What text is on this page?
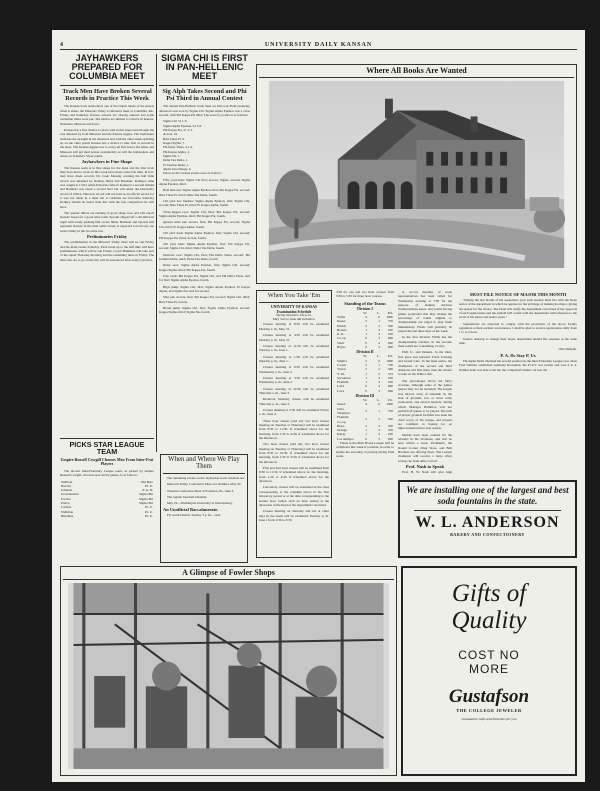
4	UNIVERSITY DAILY KANSAN
JAYHAWKERS PREPARED FOR COLUMBIA MEET
Track Men Have Broken Several Records in Practice This Week

The Kansas track team enters one of the largest meets of the season when it enters the Missouri Valley Conference meet at Columbia, Mo. Friday and Saturday. Kansas schools are already entered and some creditable times were put. The entries are limited to schools in Kansas, Nebraska, Missouri and Iowa.

Kansas has a fine chance to place well in this meet even though she was defeated by both Missouri and the Kansas Aggies. The Jayhawker team has the strength in the distances and with the other teams splitting up on the other points Kansas has a chance to take first or second in the meet. The Kansas Aggies lost to every all first honor but Ames and Missouri will get their points considerably as will the Jayhawkers and Ames on Schaller's Viper points.

Jayhawkers in Fine Shape

The Kansas team is in fine shape for the meet and the first track they have had to work on this week have made some fast time. In fact, they have made records. Dr. Cade Monday evening the half mile record was smashed by Rodkey, Riley and Barnhart. Rodkey's time was caught at 1:59.2 while Edwards came in Rodkey's a second behind and Barnhart was about a second later but will under the University record of 2:00.2. This new record will not hold as an official record for it was not made in a meet but it confirms are favorable Saturday Rodkey should do better than this with the fast competitors he will have.

The quarter milers are running in good shape now and will enroll Kansas' hopes for a good relay team. Sproull clipped off a :49 mile last night with Grady pushing him on the finish. Barnhart and Sproull will represent Kansas in the mile while Grady is expected to hold any one in the Valley in the two mile run.

Preliminaries Friday

The preliminaries in the Missouri Valley meet will be run Friday and the main events Saturday. Each event up to the half mile will have preliminaries which will be run Friday. Coach Hamilton will take part of his squad Thursday morning and the remaining men on Friday. The men who are to go on the trip will be announced after today's practice.

PICKS STAR LEAGUE TEAM
Umpire Russell Cowgill Chooses Men From Inter-Frat Players

The all-star Inter-Fraternity League team, as picked by umpire Russell Cowgill, who has seen all the games, is as follows:

Sullivan	Phi Beta
Harold	Pi. U.
Johnson	P. A. D.
Grotzmacher	Sigma Phi
Forcier	Sigma Phi
Pierce	Sigma Phi
Carlton	Pi. U.
Wellman	Pi. U.
Hutchins	Pi. U.
SIGMA CHI IS FIRST IN PAN-HELLENIC MEET
Sig Alph Takes Second and Phi Psi Third in Annual Contest

The annual Pan-Hellenic track meet on McCook Field yesterday afternoon was won by Sigma Chi. Sigma Alpha Epsilon was a close second, with Phi Kappa Psi third. The score by points is as follows:

Sigma Chi 31 1-3.
Sigma Alpha Epsilon, 24 5-6.
Phi Kappa Psi, 21 2-3.
Acacia, 10.
Beta Theta Pi, 9.
Kappa Sigma, 7.
Phi Delta Theta, 4 1-3.
Phi Kappa Alpha, 4.
Sigma Nu, 1.
Delta Tau Delta, 1.
Pi Upsilon Delta, 1.
Alpha Tau Omega, 0.

Places in the various events were as follows:

Fifty yard dash: Sigma Chi first; Acacia, Sigma, second; Sigma Alpha Epsilon, third.

Half mile run: Sigma Alpha Epsilon, first; Phi Kappa Psi, second; Beta Theta Pi, third; Delta Tau Delta, fourth.

120 yard low hurdles: Sigma Alpha Epsilon, first; Sigma Chi, second; Beta Theta Pi, third; Pi Kappa Alpha, fourth.

Three-legged race: Sigma Chi, first; Phi Kappa Psi, second; Sigma Alpha Epsilon, third; Phi Kappa Psi, fourth.

Quarter mile run: Acacia, first; Phi Kappa Psi, second; Sigma Chi, third; Pi Kappa Alpha, fourth.

100 yard dash: Sigma Alpha Epsilon, first; Sigma Chi, second; Phi Kappa Psi, third; Acacia, fourth.

220 yard dash: Sigma Alpha Epsilon, first; Phi Kappa Psi, second; Sigma Chi, third; Delta Tau Delta, fourth.

Obstacle race: Sigma Chi, first; Phi Delta Theta, second; Phi Gamma Delta, third; Delta Tau Delta, fourth.

Relay race: Sigma Alpha Epsilon, first; Sigma Chi, second; Kappa Sigma, third; Phi Kappa Psi, fourth.

Pole vault: Phi Kappa Psi, Sigma Chi, and Phi Delta Theta, tied for first; Sigma Alpha Epsilon, fourth.

High jump: Sigma Chi, first; Sigma Alpha Epsilon, Pi Kappa Alpha, and Sigma Nu, tied for second.

Shot put: Acacia, first; Phi Kappa Psi, second; Sigma Chi, third; Beta Theta Pi, fourth.

Broad jump: Sigma Chi, first; Sigma Alpha Epsilon, second; Kappa Sigma, third; Sigma Nu, fourth.

When and Where We Play Them

The remaining events on the Jayhawker track schedule are:

Missouri Valley Conference Meet at Columbia, May 20.

Western Conference Meet at Evanston, Ill., June 3.

The regular baseball schedule:

May 19—Washington University at Warrensburg.

An Unofficial Baccalaureate.

Fly south Church, Sunday 3 p. m.—Adv.

Where All Books Are Wanted
When You Take 'Em
UNIVERSITY OF KANSAS
Examination Schedule
Spring Semester, 1914-15.
May 31st to June 4th inclusive.

Classes meeting at 8:30 will be examined Monday a. m., May 31.

Classes meeting at 4:30 will be examined Monday p. m., May 31.

Classes meeting at 11:30 will be examined Tuesday a. m., June 1.

Classes meeting at 1:30 will be examined Tuesday p. m., June 1.

Classes meeting at 9:30 will be examined Wednesday a. m., June 2.

Classes meeting at 3:30 will be examined Wednesday p. m., June 2.

Classes meeting at 10:30 will be examined Thursday a. m., June 3.

Kickborn Saturday classes will be examined Thursday p. m., June 3.

Classes meeting at 2:30 will be examined Friday a. m., June 4.

Three hour classes (and any two hour classes meeting on Tuesday or Thursday) will be examined from 8:30 to 11:30. If scheduled above for the morning, from 1:30 to 4:30, if scheduled above for the afternoon.

Two hour classes (and any two hour classes meeting on Tuesday or Thursday) will be examined from 8:30 to 10:30, if scheduled above for the morning, from 1:30 to 3:30, if scheduled above for the afternoon.

First and four hour classes will be examined from 8:30 to 11:30, if scheduled above for the morning, from 1:30 to 4:30 if scheduled above for the afternoon.

Laboratory classes will be examined in the class corresponding to the schedule above in the first laboratory period or at the time corresponding to the lecture hour (when such an hour exists) at the discretion of the head of the department concerned.

Classes meeting on Saturday and not at other days in the week will be examined Tuesday p. m. June 1 from 1:30 to 3:30.

3:30 for one and two hour courses from 3:30 to 5:30 for three hour courses.

Standing of the Teams
Division I
	W.	L.	Pct.
Willis	4	0	1000
Kisser	3	1	750
Ehrich	2	2	500
Barnes	1	3	250
K. K.	1	3	250
Co-op.	0	3	000
Steel	0	4	000
Hayes	0	4	000
Division II
	W.	L.	Pct.
Smith's	5	0	1000
Cooter	3	1	750
Taylor	2	2	500
Y. M.	1	2	333
Stevenson	1	3	250
Franklin	1	3	250
Lad's	0	4	000
Loe's	0	3	000
Division III
	W.	L.	Pct.
Sneed	4	0	1000
Univ. Thomson	3	1	750
Franklin Co-op.	2	2	500
Hope	2	2	500
Orange	1	3	250
Kindy	1	3	250
Los Amigos	0	3	000

Finals in the Bark House League will be completed this week if possible, in order to enable the awarding of playing during final week.

A record meeting of track representatives has been called for Wednesday evening at 7:00 for the purpose of making division championships series. Any teams having games postponed that may change the percentage of teams eligible to championship are urged to play them immediately. Finals will probably be played the last three days of the week.

In the first division Willis has the championship cinched. In the second, three teams are contending, Cooter,

Eldb U., and Daniels. In the third, first place lies between Track Training and Grand Cafe. In the final series, the champions of the second and third divisions will first meet, then the winner to take on the Willis Club.

The percentages above are fairly accurate, although some of the games played may not be included. The league was thrown away of schedule by the lack of grounds, two or three rainy week-ends, and several hazards, during which Manager Hamilton will not permit ball games to be played. The lack of proper grounds facilities has been the chief worry of the league, and players are confident in hoping for an improvement before next season.

Medals have been ordered for the winners in the divisions, and will be here within a week. Peckham's, the Round Corner Drug Store, and Bell Brothers are offering three. The League champion will receive a large silver loving cup from Alfie Carroll.

Prof. Nash to Speak

Prof. H. W. Nash will give high

MUST FILE NOTICE OF MAJOR THIS MONTH

"During the last month of his sophomore year each student must file with the Dean notice of the department in which he applies for the privilege of making his major, giving his reason for the choice. The Dean will notify the department concerned of her approval of such applications and the student will confer with the department with reference to the work of his junior and senior years."

Sophomores are expected to comply with the provisions of the above faculty regulation at their earliest convenience. I shall be glad to receive applications daily from 1 to 4 o'clock.

Juniors desiring to change their major department should file requests at the same time.

Olin Templin.

P. A. Ds Stay P. Us

Phi Alpha Delta clinched the second position in the Inter-Fraternity League race when Fred Olander outpitched Germany Rosenthal, the Pi U's' star twirler and won 5 to 4. Neither team was able to hit but the competent's hitters cut into the

We are installing one of the largest and best soda fountains in the state.
W. L. ANDERSON
BAKERY AND CONFECTIONERY
A Glimpse of Fowler Shops
Gifts of
Quality
COST NO
MORE
Gustafson
THE COLLEGE JEWELER
Graduation Gifts and Novelties for you
